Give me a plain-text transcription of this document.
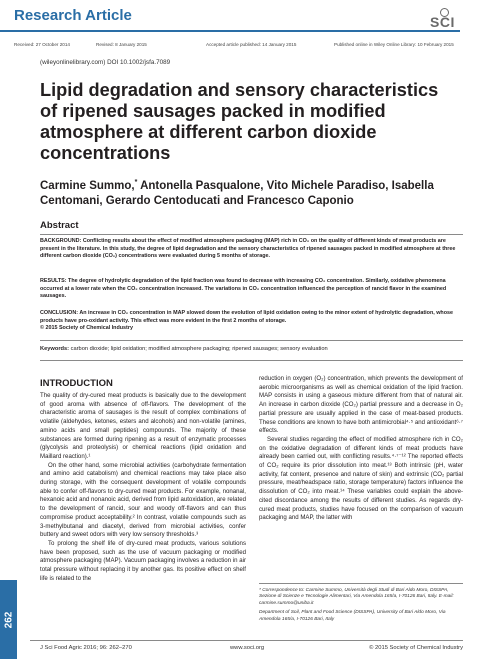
Research Article	SCI
Received: 27 October 2014	Revised: 8 January 2015	Accepted article published: 14 January 2015	Published online in Wiley Online Library: 10 February 2015
(wileyonlinelibrary.com) DOI 10.1002/jsfa.7089
Lipid degradation and sensory characteristics of ripened sausages packed in modified atmosphere at different carbon dioxide concentrations
Carmine Summo,* Antonella Pasqualone, Vito Michele Paradiso, Isabella Centomani, Gerardo Centoducati and Francesco Caponio
Abstract

BACKGROUND: Conflicting results about the effect of modified atmosphere packaging (MAP) rich in CO₂ on the quality of different kinds of meat products are present in the literature. In this study, the degree of lipid degradation and the sensory characteristics of ripened sausages packed in modified atmosphere at three different carbon dioxide (CO₂) concentrations were evaluated during 5 months of storage.

RESULTS: The degree of hydrolytic degradation of the lipid fraction was found to decrease with increasing CO₂ concentration. Similarly, oxidative phenomena occurred at a lower rate when the CO₂ concentration increased. The variations in CO₂ concentration influenced the perception of rancid flavor in the examined sausages.

CONCLUSION: An increase in CO₂ concentration in MAP slowed down the evolution of lipid oxidation owing to the minor extent of hydrolytic degradation, whose products have pro-oxidant activity. This effect was more evident in the first 2 months of storage.

© 2015 Society of Chemical Industry

Keywords: carbon dioxide; lipid oxidation; modified atmosphere packaging; ripened sausages; sensory evaluation
INTRODUCTION

The quality of dry-cured meat products is basically due to the development of good aroma with absence of off-flavors. The development of the characteristic aroma of sausages is the result of complex combinations of volatile (aldehydes, ketones, esters and alcohols) and non-volatile (amines, amino acids and small peptides) compounds. The majority of these substances are formed during ripening as a result of enzymatic processes (glycolysis and proteolysis) or chemical reactions (lipid oxidation and Maillard reaction).¹

On the other hand, some microbial activities (carbohydrate fermentation and amino acid catabolism) and chemical reactions may take place also during storage, with the consequent development of volatile compounds able to confer off-flavors to dry-cured meat products. For example, nonanal, hexanoic acid and nonanoic acid, derived from lipid autoxidation, are related to the development of rancid, sour and woody off-flavors and can thus compromise product acceptability.² In contrast, volatile compounds such as 3-methylbutanal and diacetyl, derived from microbial activities, confer buttery and sweet odors with very low sensory thresholds.³

To prolong the shelf life of dry-cured meat products, various solutions have been proposed, such as the use of vacuum packaging or modified atmosphere packaging (MAP). Vacuum packaging involves a reduction in air total pressure without replacing it by another gas. Its positive effect on shelf life is related to the

reduction in oxygen (O₂) concentration, which prevents the development of aerobic microorganisms as well as chemical oxidation of the lipid fraction. MAP consists in using a gaseous mixture different from that of natural air. An increase in carbon dioxide (CO₂) partial pressure and a decrease in O₂ partial pressure are usually applied in the case of meat-based products. These conditions are known to have both antimicrobial⁴·⁵ and antioxidant⁶·⁷ effects.

Several studies regarding the effect of modified atmosphere rich in CO₂ on the oxidative degradation of different kinds of meat products have already been carried out, with conflicting results.⁴·⁷⁻¹² The reported effects of CO₂ require its prior dissolution into meat.¹³ Both intrinsic (pH, water activity, fat content, presence and nature of skin) and extrinsic (CO₂ partial pressure, meat/headspace ratio, storage temperature) factors influence the dissolution of CO₂ into meat.¹⁴ These variables could explain the above-cited discordance among the results of different studies. As regards dry-cured meat products, studies have focused on the comparison of vacuum packaging and MAP, the latter with

* Correspondence to: Carmine Summo, Università degli Studi di Bari Aldo Moro, DISSPA, Sezione di Scienze e Tecnologie Alimentari, Via Amendola 165/a, I-70126 Bari, Italy. E-mail: carmine.summo@uniba.it

Department of Soil, Plant and Food Science (DISSPA), University of Bari Aldo Moro, Via Amendola 165/a, I-70126 Bari, Italy

262
J Sci Food Agric 2016; 96: 262–270	www.soci.org	© 2015 Society of Chemical Industry
